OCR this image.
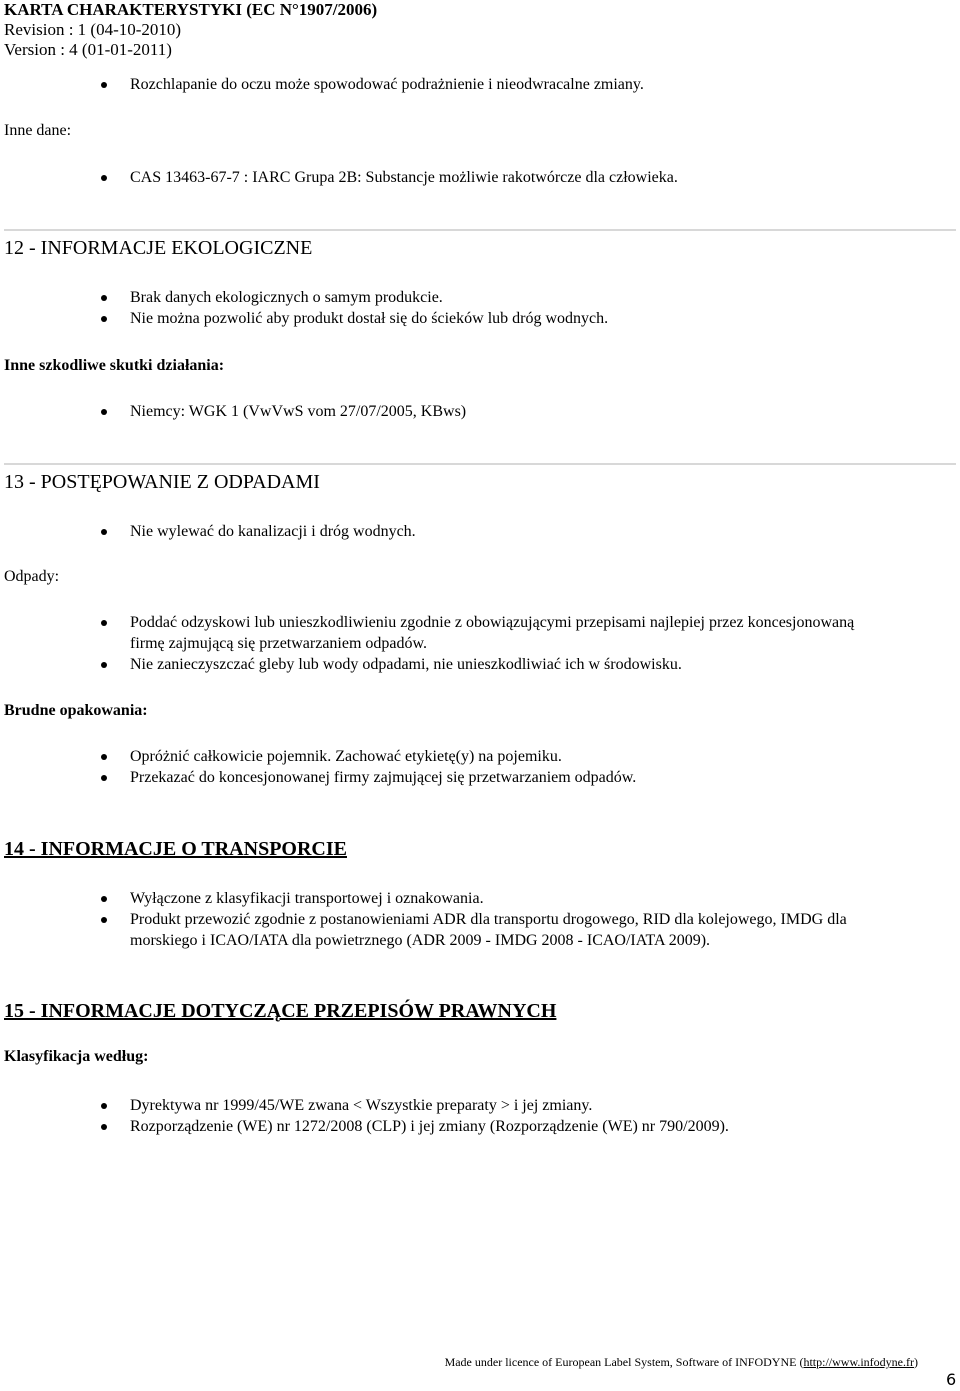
KARTA CHARAKTERYSTYKI (EC N°1907/2006)
Revision : 1 (04-10-2010)
Version : 4 (01-01-2011)
Rozchlapanie do oczu może spowodować podrażnienie i nieodwracalne zmiany.
Inne dane:
CAS 13463-67-7 : IARC Grupa 2B: Substancje możliwie rakotwórcze dla człowieka.
12 - INFORMACJE EKOLOGICZNE
Brak danych ekologicznych o samym produkcie.
Nie można pozwolić aby produkt dostał się do ścieków lub dróg wodnych.
Inne szkodliwe skutki działania:
Niemcy: WGK 1 (VwVwS vom 27/07/2005, KBws)
13 - POSTĘPOWANIE Z ODPADAMI
Nie wylewać do kanalizacji i dróg wodnych.
Odpady:
Poddać odzyskowi lub unieszkodliwieniu zgodnie z obowiązującymi przepisami najlepiej przez koncesjonowaną
firmę zajmującą się przetwarzaniem odpadów.
Nie zanieczyszczać gleby lub wody odpadami, nie unieszkodliwiać ich w środowisku.
Brudne opakowania:
Opróżnić całkowicie pojemnik. Zachować etykietę(y) na pojemiku.
Przekazać do koncesjonowanej firmy zajmującej się przetwarzaniem odpadów.
14 - INFORMACJE O TRANSPORCIE
Wyłączone z klasyfikacji transportowej i oznakowania.
Produkt przewozić zgodnie z postanowieniami ADR dla transportu drogowego, RID dla kolejowego, IMDG dla
morskiego i ICAO/IATA dla powietrznego (ADR 2009 - IMDG 2008 - ICAO/IATA 2009).
15 - INFORMACJE DOTYCZĄCE PRZEPISÓW PRAWNYCH
Klasyfikacja według:
Dyrektywa nr 1999/45/WE zwana < Wszystkie preparaty > i jej zmiany.
Rozporządzenie (WE) nr 1272/2008 (CLP) i jej zmiany (Rozporządzenie (WE) nr 790/2009).
Made under licence of European Label System, Software of INFODYNE (http://www.infodyne.fr)
6
